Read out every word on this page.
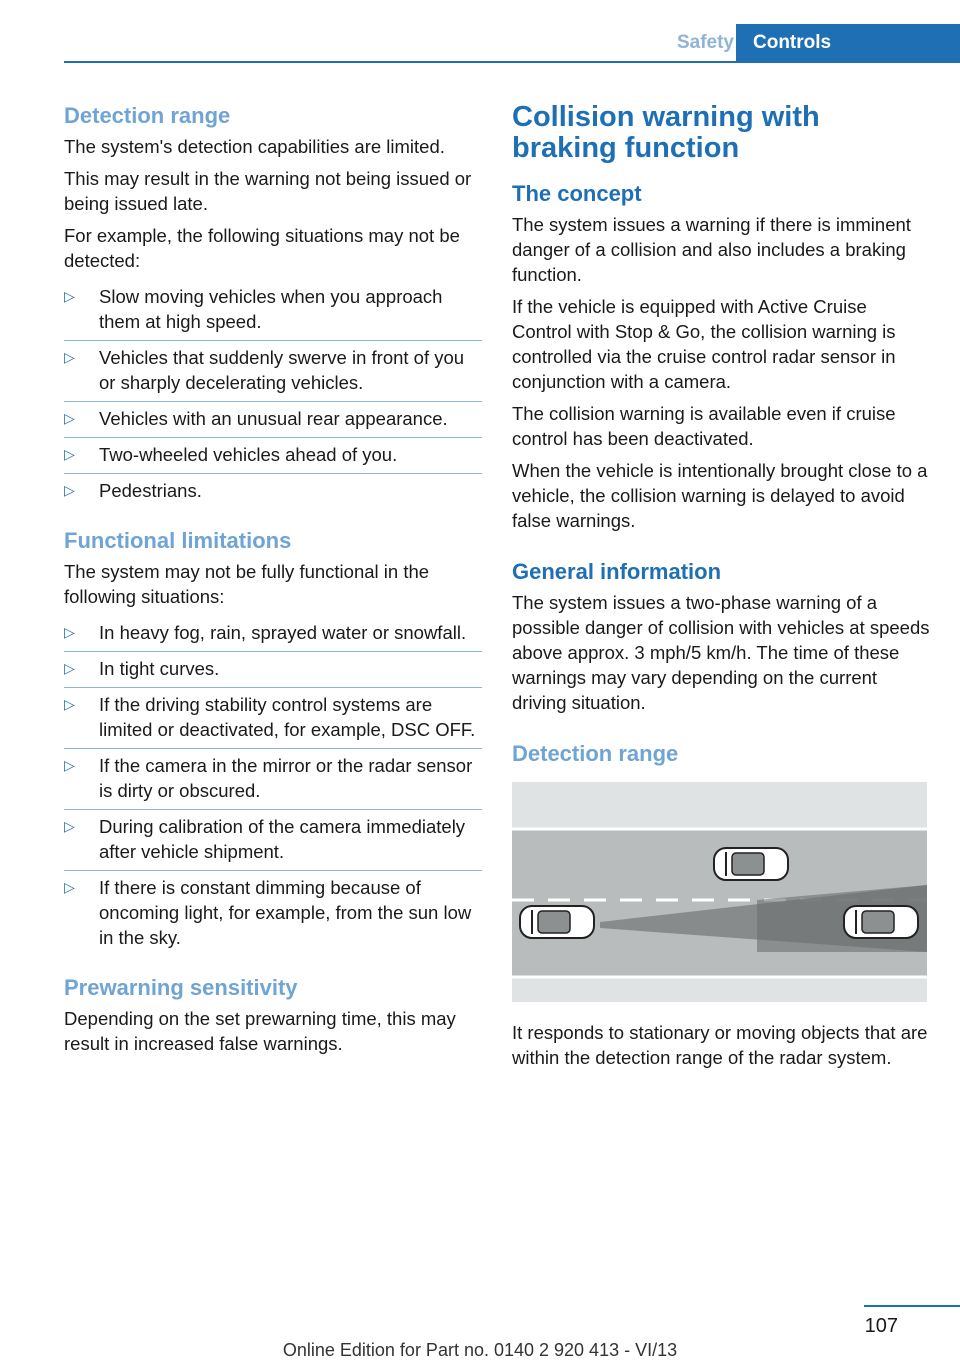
Safety	Controls
Detection range
The system's detection capabilities are limited.
This may result in the warning not being issued or being issued late.
For example, the following situations may not be detected:
▷ Slow moving vehicles when you approach them at high speed.
▷ Vehicles that suddenly swerve in front of you or sharply decelerating vehicles.
▷ Vehicles with an unusual rear appearance.
▷ Two-wheeled vehicles ahead of you.
▷ Pedestrians.
Functional limitations
The system may not be fully functional in the following situations:
▷ In heavy fog, rain, sprayed water or snowfall.
▷ In tight curves.
▷ If the driving stability control systems are limited or deactivated, for example, DSC OFF.
▷ If the camera in the mirror or the radar sensor is dirty or obscured.
▷ During calibration of the camera immediately after vehicle shipment.
▷ If there is constant dimming because of oncoming light, for example, from the sun low in the sky.
Prewarning sensitivity
Depending on the set prewarning time, this may result in increased false warnings.
Collision warning with braking function
The concept
The system issues a warning if there is imminent danger of a collision and also includes a braking function.
If the vehicle is equipped with Active Cruise Control with Stop & Go, the collision warning is controlled via the cruise control radar sensor in conjunction with a camera.
The collision warning is available even if cruise control has been deactivated.
When the vehicle is intentionally brought close to a vehicle, the collision warning is delayed to avoid false warnings.
General information
The system issues a two-phase warning of a possible danger of collision with vehicles at speeds above approx. 3 mph/5 km/h. The time of these warnings may vary depending on the current driving situation.
Detection range
It responds to stationary or moving objects that are within the detection range of the radar system.
107
Online Edition for Part no. 0140 2 920 413 - VI/13
